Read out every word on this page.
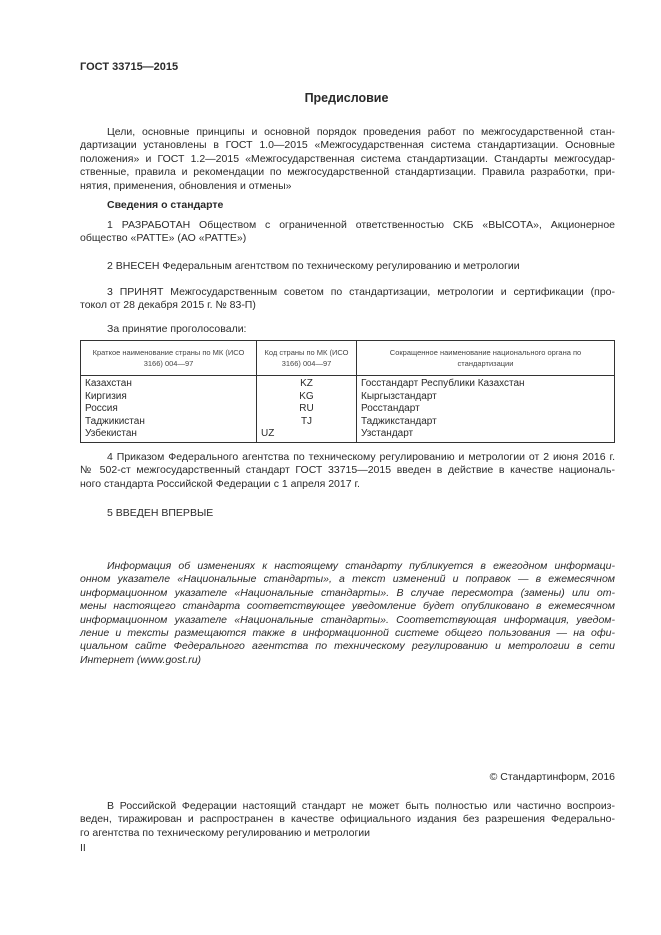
ГОСТ 33715—2015
Предисловие
Цели, основные принципы и основной порядок проведения работ по межгосударственной стан-
дартизации установлены в ГОСТ 1.0—2015 «Межгосударственная система стандартизации. Основные
положения» и ГОСТ 1.2—2015 «Межгосударственная система стандартизации. Стандарты межгосудар-
ственные, правила и рекомендации по межгосударственной стандартизации. Правила разработки, при-
нятия, применения, обновления и отмены»
Сведения о стандарте
1 РАЗРАБОТАН Обществом с ограниченной ответственностью СКБ «ВЫСОТА», Акционерное
общество «РАТТЕ» (АО «РАТТЕ»)
2 ВНЕСЕН Федеральным агентством по техническому регулированию и метрологии
3 ПРИНЯТ Межгосударственным советом по стандартизации, метрологии и сертификации (про-
токол от 28 декабря 2015 г. № 83-П)
За принятие проголосовали:
Краткое наименование страны по МК (ИСО 3166) 004—97	Код страны по МК (ИСО 3166) 004—97	Сокращенное наименование национального органа по стандартизации
Казахстан	KZ	Госстандарт Республики Казахстан
Киргизия	KG	Кыргызстандарт
Россия	RU	Росстандарт
Таджикистан	TJ	Таджикстандарт
Узбекистан	UZ	Узстандарт
4 Приказом Федерального агентства по техническому регулированию и метрологии от 2 июня 2016 г.
№ 502-ст межгосударственный стандарт ГОСТ 33715—2015 введен в действие в качестве националь-
ного стандарта Российской Федерации с 1 апреля 2017 г.
5 ВВЕДЕН ВПЕРВЫЕ
Информация об изменениях к настоящему стандарту публикуется в ежегодном информаци-
онном указателе «Национальные стандарты», а текст изменений и поправок — в ежемесячном
информационном указателе «Национальные стандарты». В случае пересмотра (замены) или от-
мены настоящего стандарта соответствующее уведомление будет опубликовано в ежемесячном
информационном указателе «Национальные стандарты». Соответствующая информация, уведом-
ление и тексты размещаются также в информационной системе общего пользования — на офи-
циальном сайте Федерального агентства по техническому регулированию и метрологии в сети
Интернет (www.gost.ru)
© Стандартинформ, 2016
В Российской Федерации настоящий стандарт не может быть полностью или частично воспроиз-
веден, тиражирован и распространен в качестве официального издания без разрешения Федерально-
го агентства по техническому регулированию и метрологии
II
